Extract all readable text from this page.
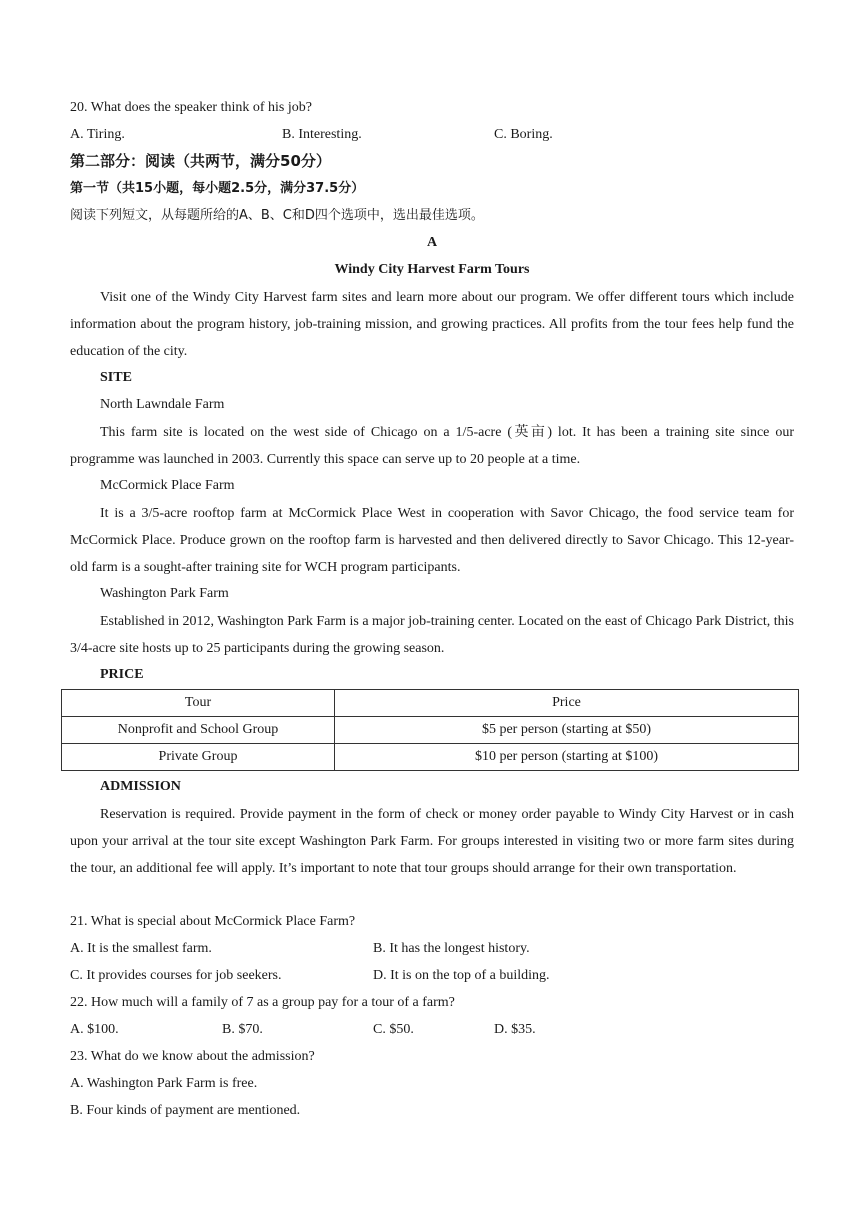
20. What does the speaker think of his job?
A. Tiring.	B. Interesting.	C. Boring.
第二部分：阅读（共两节，满分50分）
第一节（共15小题，每小题2.5分，满分37.5分）
阅读下列短文，从每题所给的A、B、C和D四个选项中，选出最佳选项。
A
Windy City Harvest Farm Tours
Visit one of the Windy City Harvest farm sites and learn more about our program. We offer different tours which include information about the program history, job-training mission, and growing practices. All profits from the tour fees help fund the education of the city.
SITE
North Lawndale Farm
This farm site is located on the west side of Chicago on a 1/5-acre (英亩) lot. It has been a training site since our programme was launched in 2003. Currently this space can serve up to 20 people at a time.
McCormick Place Farm
It is a 3/5-acre rooftop farm at McCormick Place West in cooperation with Savor Chicago, the food service team for McCormick Place. Produce grown on the rooftop farm is harvested and then delivered directly to Savor Chicago. This 12-year-old farm is a sought-after training site for WCH program participants.
Washington Park Farm
Established in 2012, Washington Park Farm is a major job-training center. Located on the east of Chicago Park District, this 3/4-acre site hosts up to 25 participants during the growing season.
PRICE
Tour	Price
Nonprofit and School Group	$5 per person (starting at $50)
Private Group	$10 per person (starting at $100)
ADMISSION
Reservation is required. Provide payment in the form of check or money order payable to Windy City Harvest or in cash upon your arrival at the tour site except Washington Park Farm. For groups interested in visiting two or more farm sites during the tour, an additional fee will apply. It’s important to note that tour groups should arrange for their own transportation.
21. What is special about McCormick Place Farm?
A. It is the smallest farm.	B. It has the longest history.
C. It provides courses for job seekers.	D. It is on the top of a building.
22. How much will a family of 7 as a group pay for a tour of a farm?
A. $100.	B. $70.	C. $50.	D. $35.
23. What do we know about the admission?
A. Washington Park Farm is free.
B. Four kinds of payment are mentioned.
